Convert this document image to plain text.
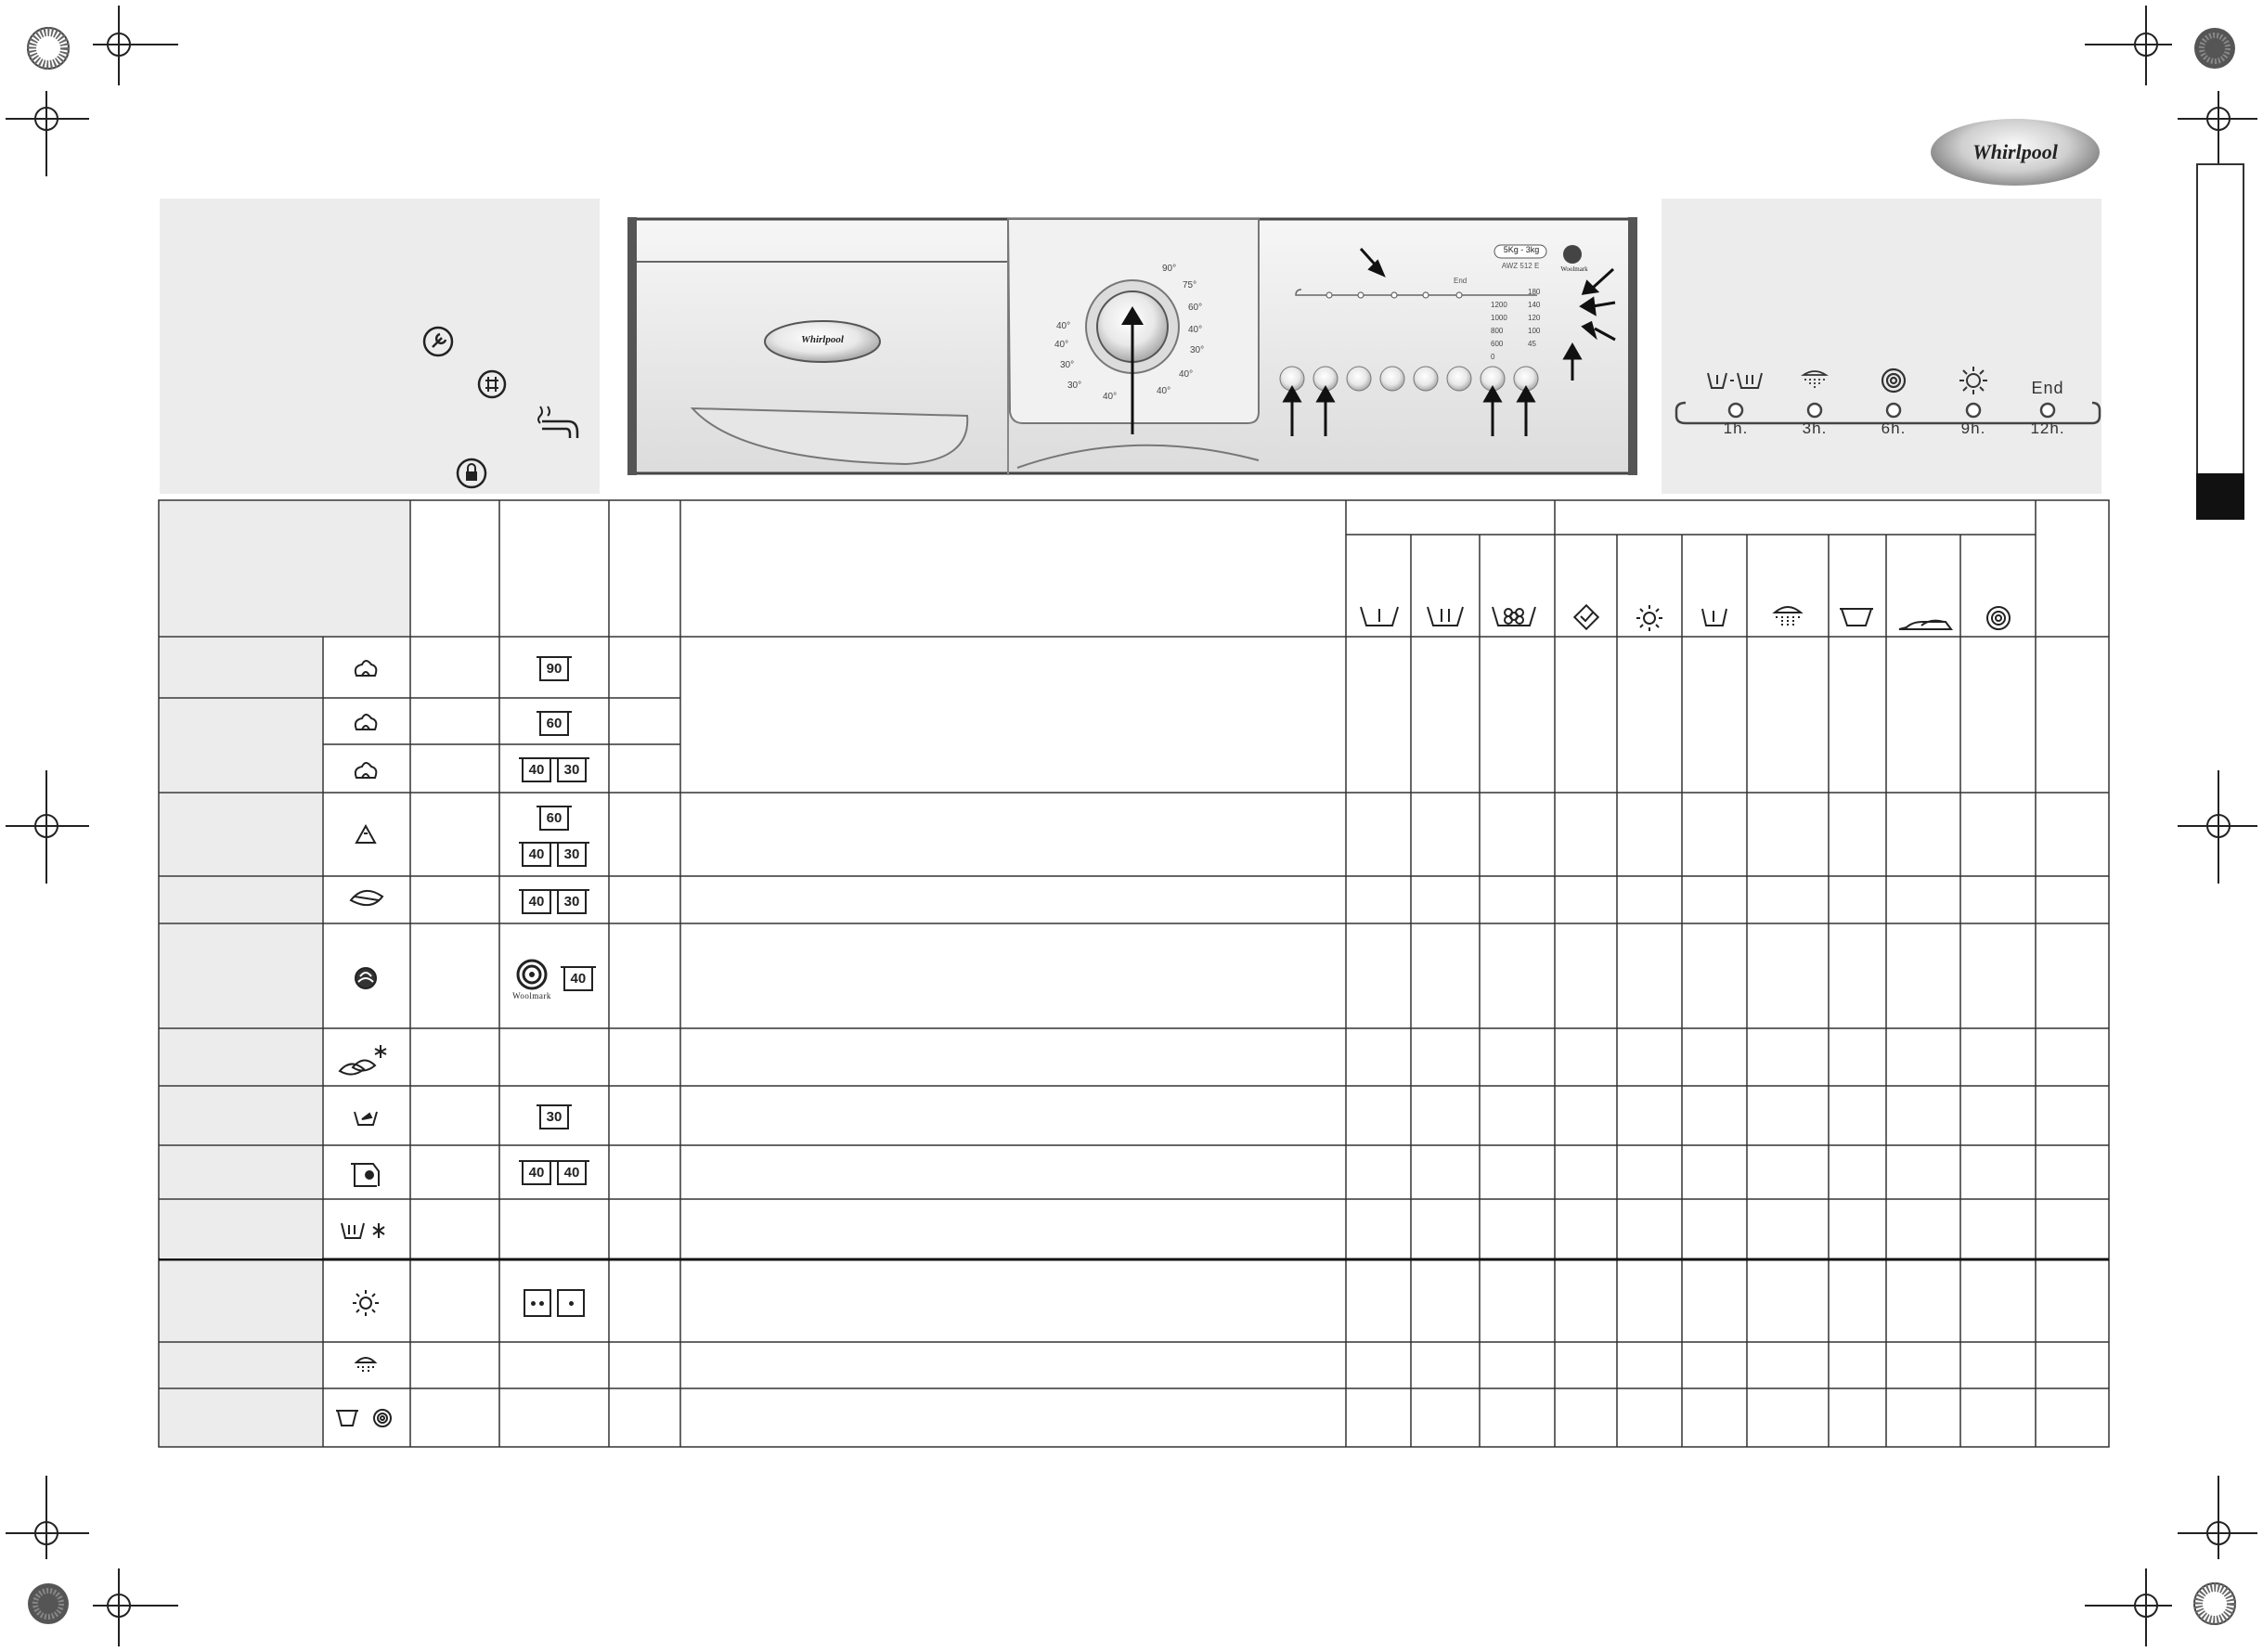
Whirlpool
End
1h.	3h.	6h.	9h.	12h.
90°
75°
60°
40°
30°
40°
40°
40°
30°
30°
40°
40°
5Kg - 3kg
AWZ 512 E	Woolmark
End
1200
1000
800
600
0
180
140
120
100
45
Whirlpool
90
60
40	30
60
40	30
40	30
Woolmark
40
30
40	40
